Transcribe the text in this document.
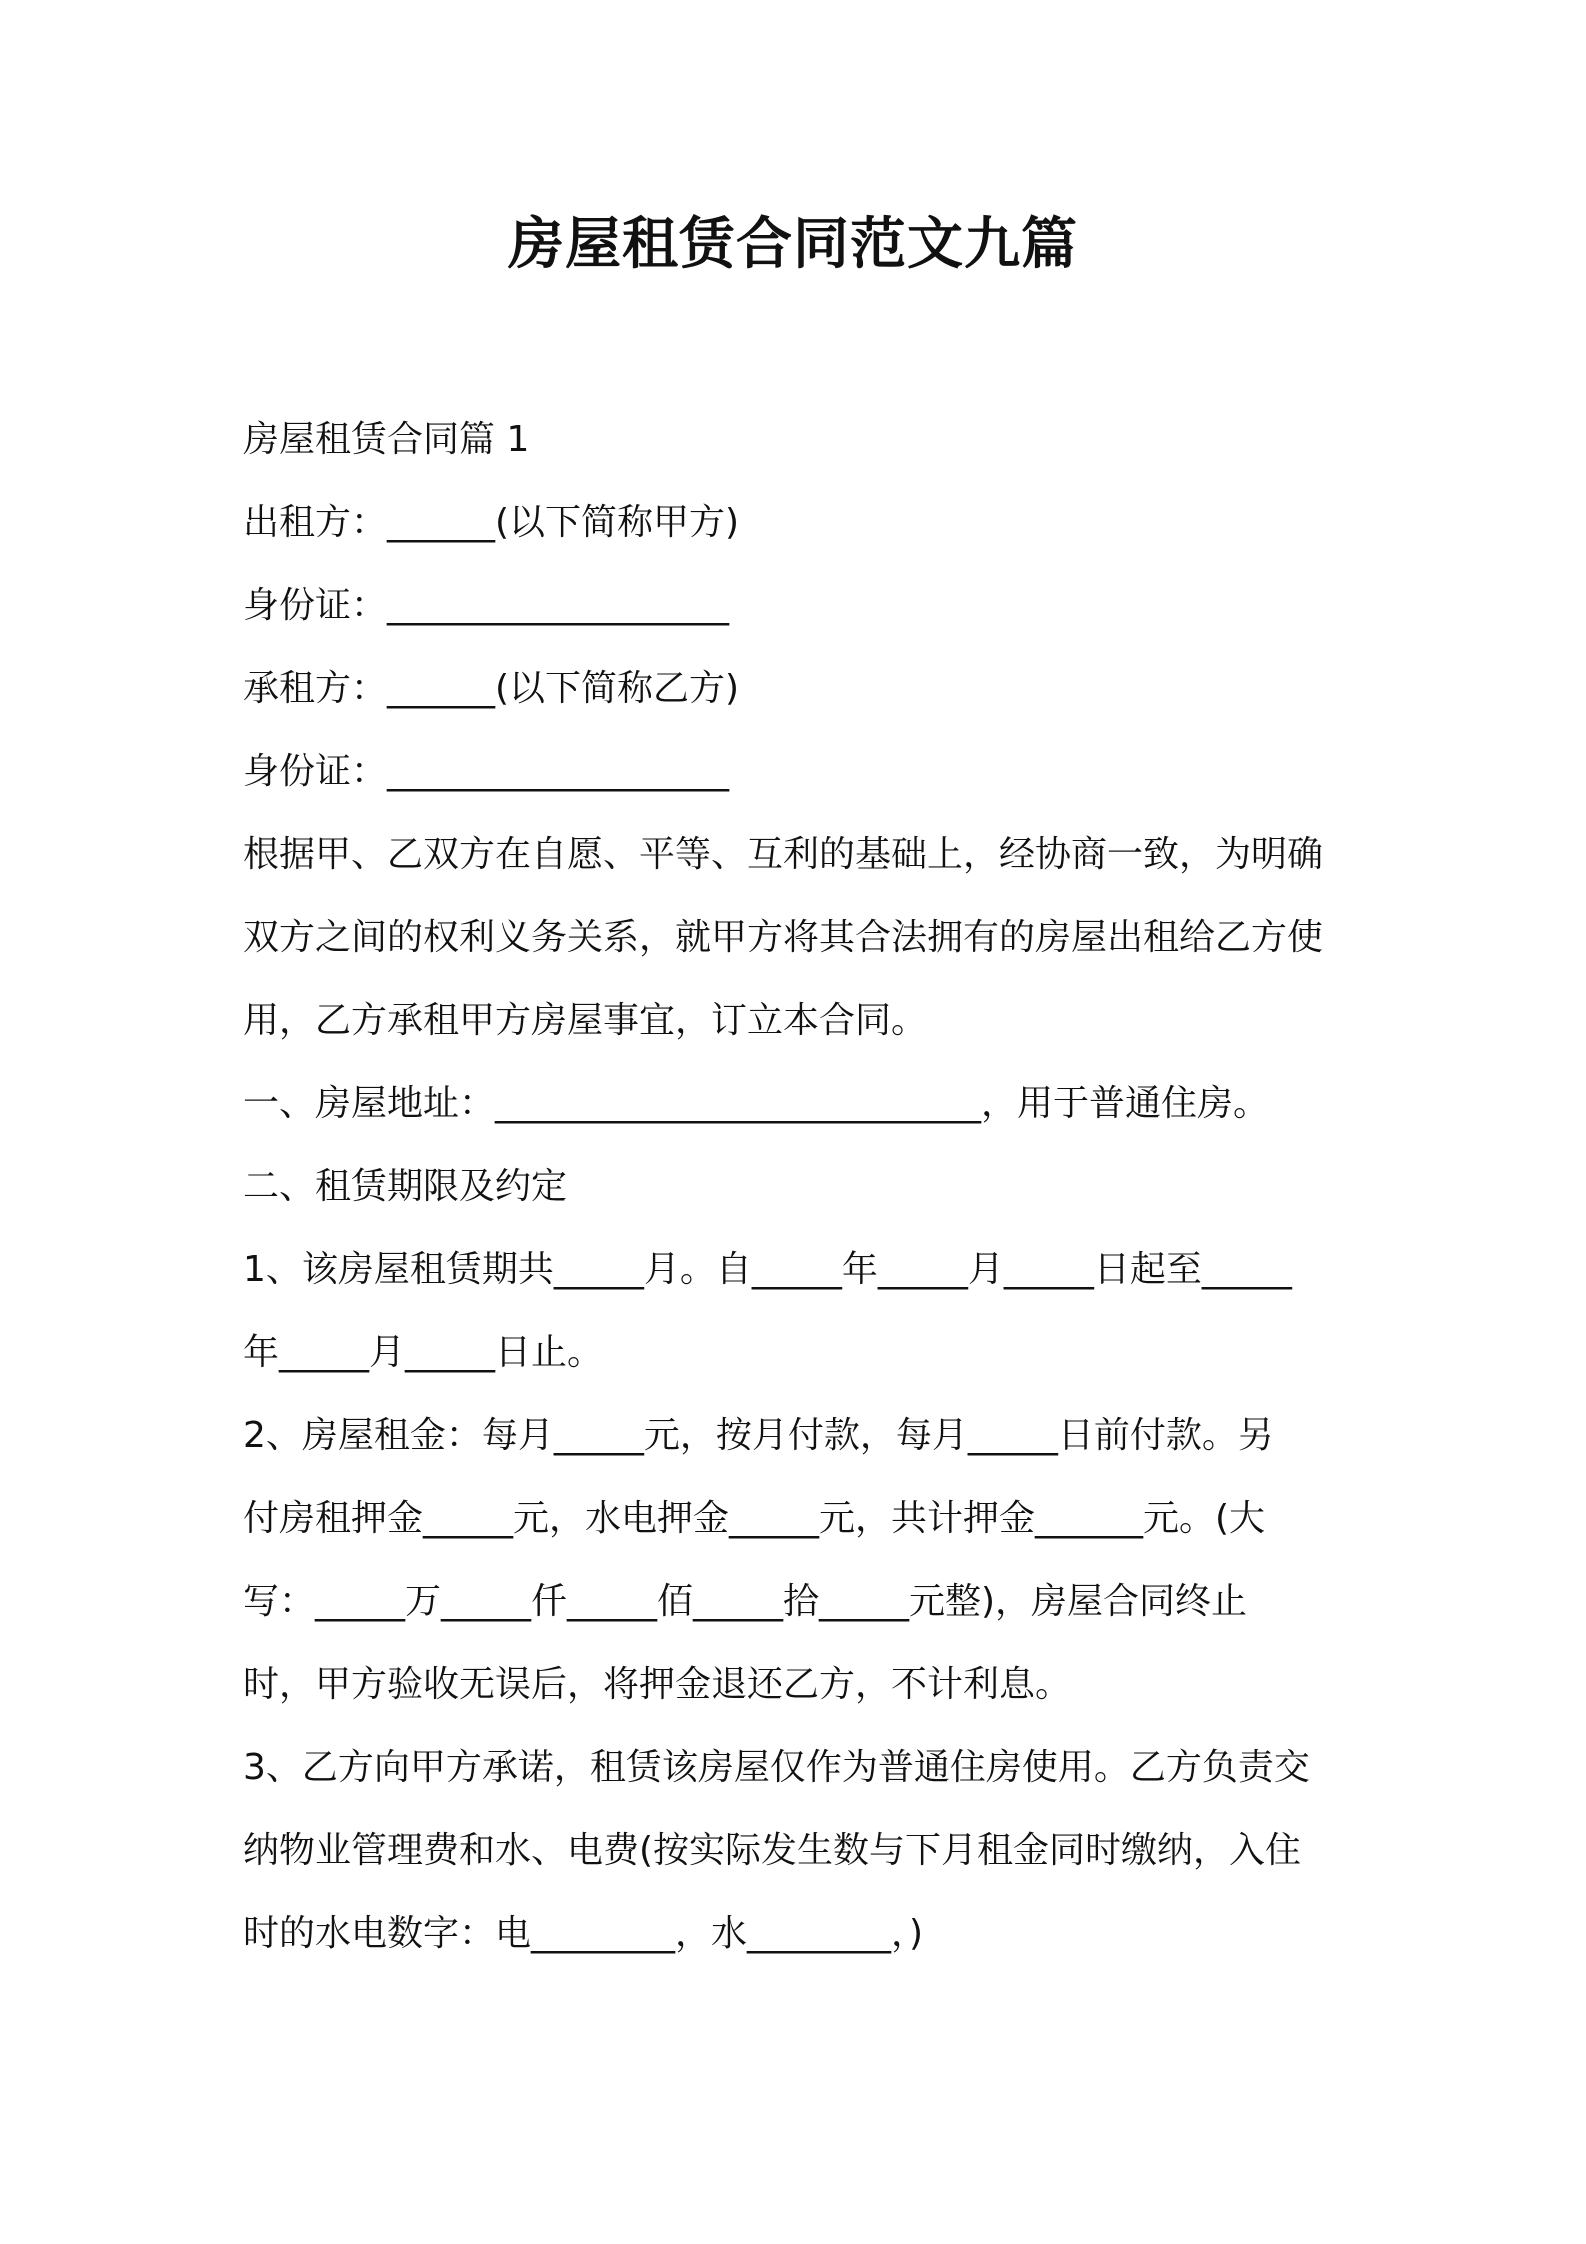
房屋租赁合同范文九篇

房屋租赁合同篇 1

出租方：______(以下简称甲方)

身份证：___________________

承租方：______(以下简称乙方)

身份证：___________________

根据甲、乙双方在自愿、平等、互利的基础上，经协商一致，为明确

双方之间的权利义务关系，就甲方将其合法拥有的房屋出租给乙方使

用，乙方承租甲方房屋事宜，订立本合同。

一、房屋地址：___________________________，用于普通住房。

二、租赁期限及约定

1、该房屋租赁期共_____月。自_____年_____月_____日起至_____

年_____月_____日止。

2、房屋租金：每月_____元，按月付款，每月_____日前付款。另

付房租押金_____元，水电押金_____元，共计押金______元。(大

写：_____万_____仟_____佰_____拾_____元整)，房屋合同终止

时，甲方验收无误后，将押金退还乙方，不计利息。

3、乙方向甲方承诺，租赁该房屋仅作为普通住房使用。乙方负责交

纳物业管理费和水、电费(按实际发生数与下月租金同时缴纳，入住

时的水电数字：电________，水________，)
